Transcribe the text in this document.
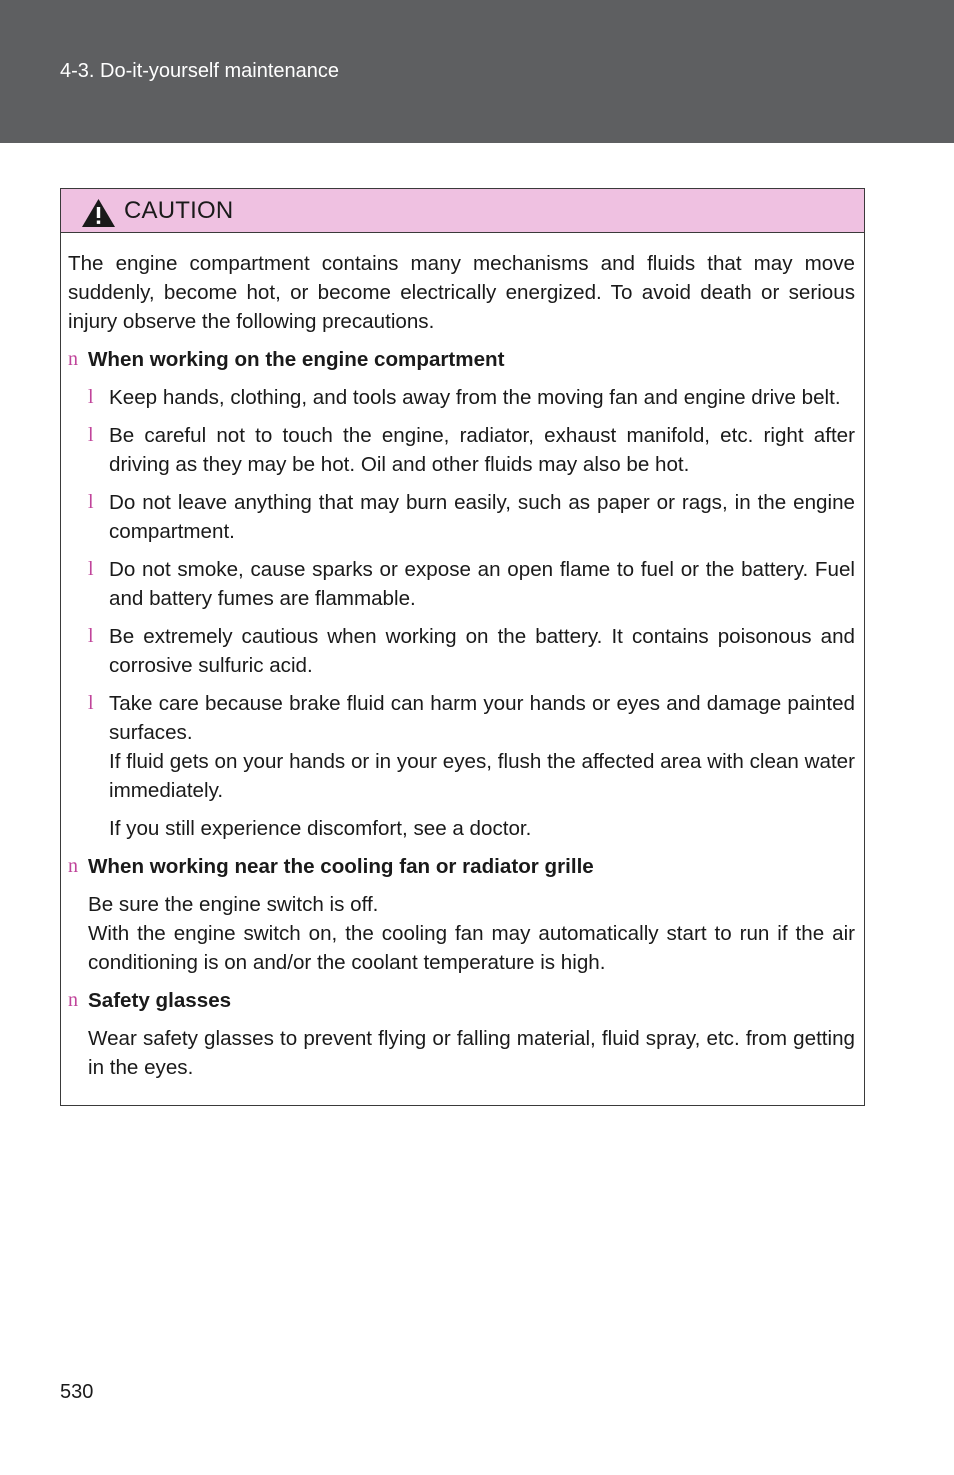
4-3. Do-it-yourself maintenance
CAUTION

The engine compartment contains many mechanisms and fluids that may move suddenly, become hot, or become electrically energized. To avoid death or serious injury observe the following precautions.

n When working on the engine compartment
l Keep hands, clothing, and tools away from the moving fan and engine drive belt.

l Be careful not to touch the engine, radiator, exhaust manifold, etc. right after driving as they may be hot. Oil and other fluids may also be hot.

l Do not leave anything that may burn easily, such as paper or rags, in the engine compartment.

l Do not smoke, cause sparks or expose an open flame to fuel or the battery. Fuel and battery fumes are flammable.

l Be extremely cautious when working on the battery. It contains poisonous and corrosive sulfuric acid.

l Take care because brake fluid can harm your hands or eyes and damage painted surfaces.

If fluid gets on your hands or in your eyes, flush the affected area with clean water immediately.

If you still experience discomfort, see a doctor.

n When working near the cooling fan or radiator grille

Be sure the engine switch is off.

With the engine switch on, the cooling fan may automatically start to run if the air conditioning is on and/or the coolant temperature is high.

n Safety glasses

Wear safety glasses to prevent flying or falling material, fluid spray, etc. from getting in the eyes.

530
